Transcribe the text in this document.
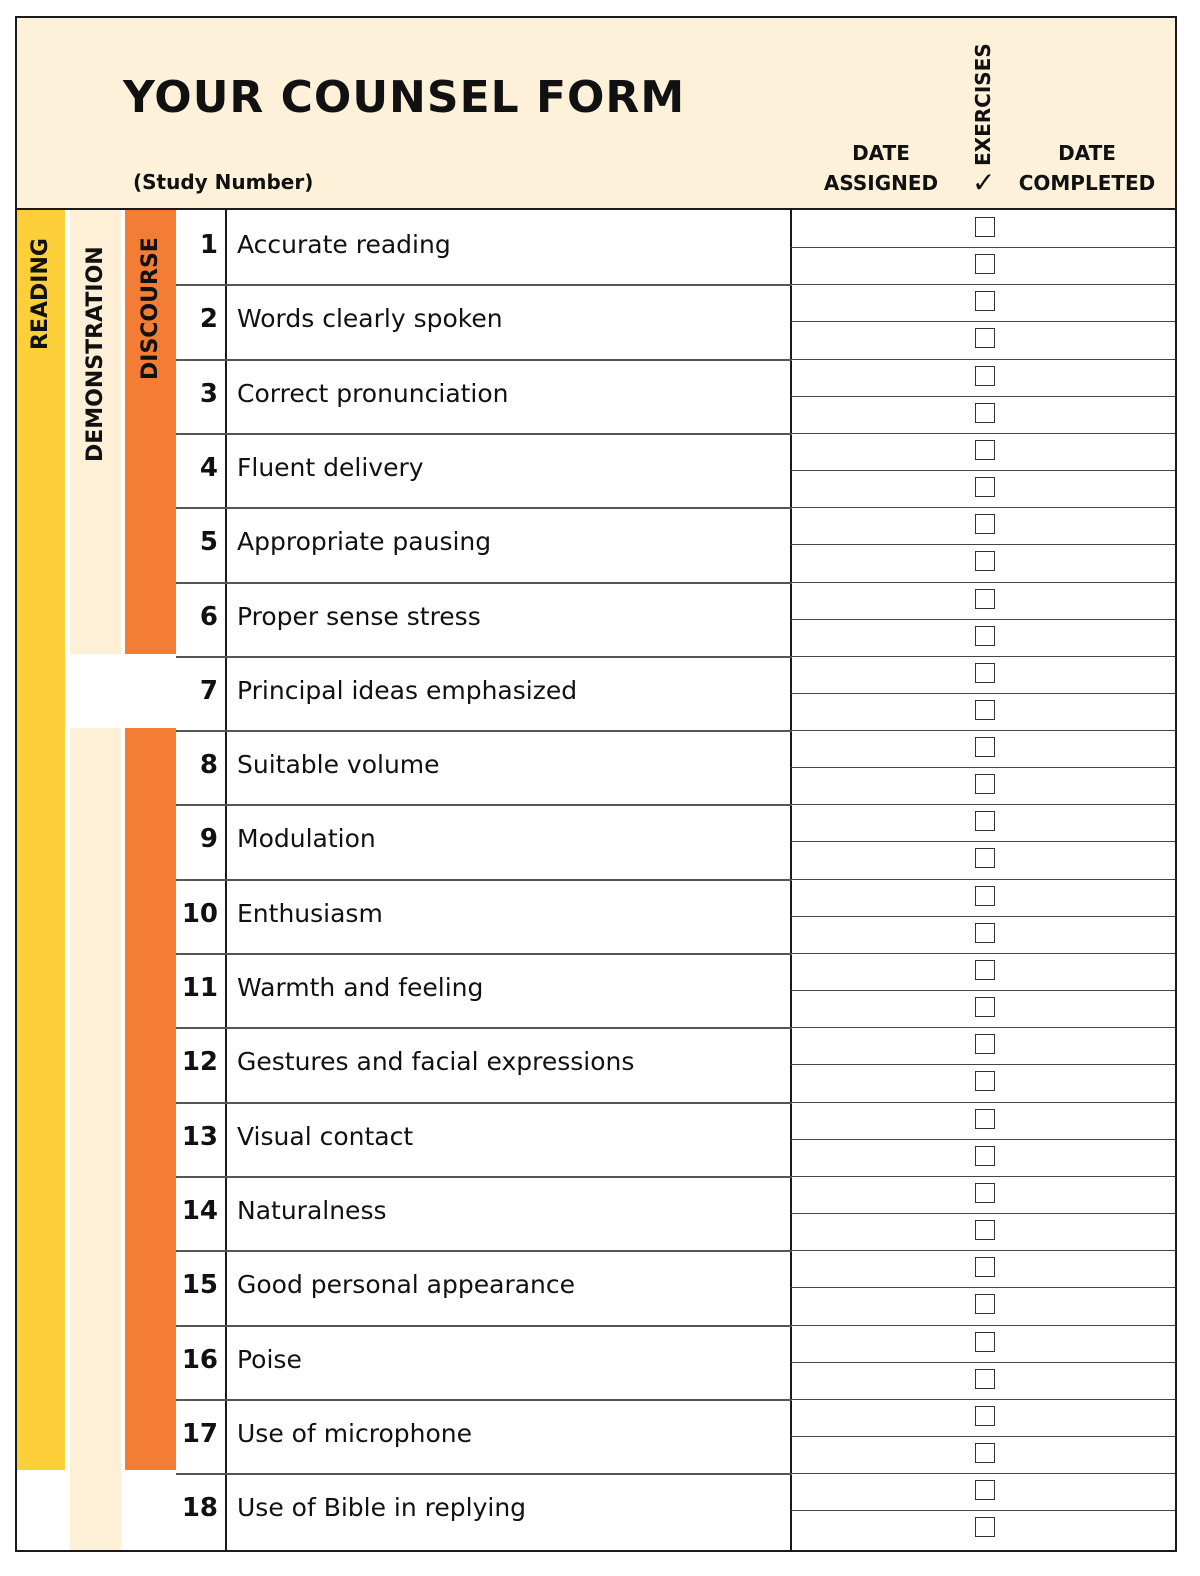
YOUR COUNSEL FORM
(Study Number)
DATE
ASSIGNED
EXERCISES
✓
DATE
COMPLETED
READING DEMONSTRATION DISCOURSE	1 Accurate reading
2 Words clearly spoken
3 Correct pronunciation
4 Fluent delivery
5 Appropriate pausing
6 Proper sense stress
7 Principal ideas emphasized
8 Suitable volume
9 Modulation
10 Enthusiasm
11 Warmth and feeling
12 Gestures and facial expressions
13 Visual contact
14 Naturalness
15 Good personal appearance
16 Poise
17 Use of microphone
18 Use of Bible in replying
